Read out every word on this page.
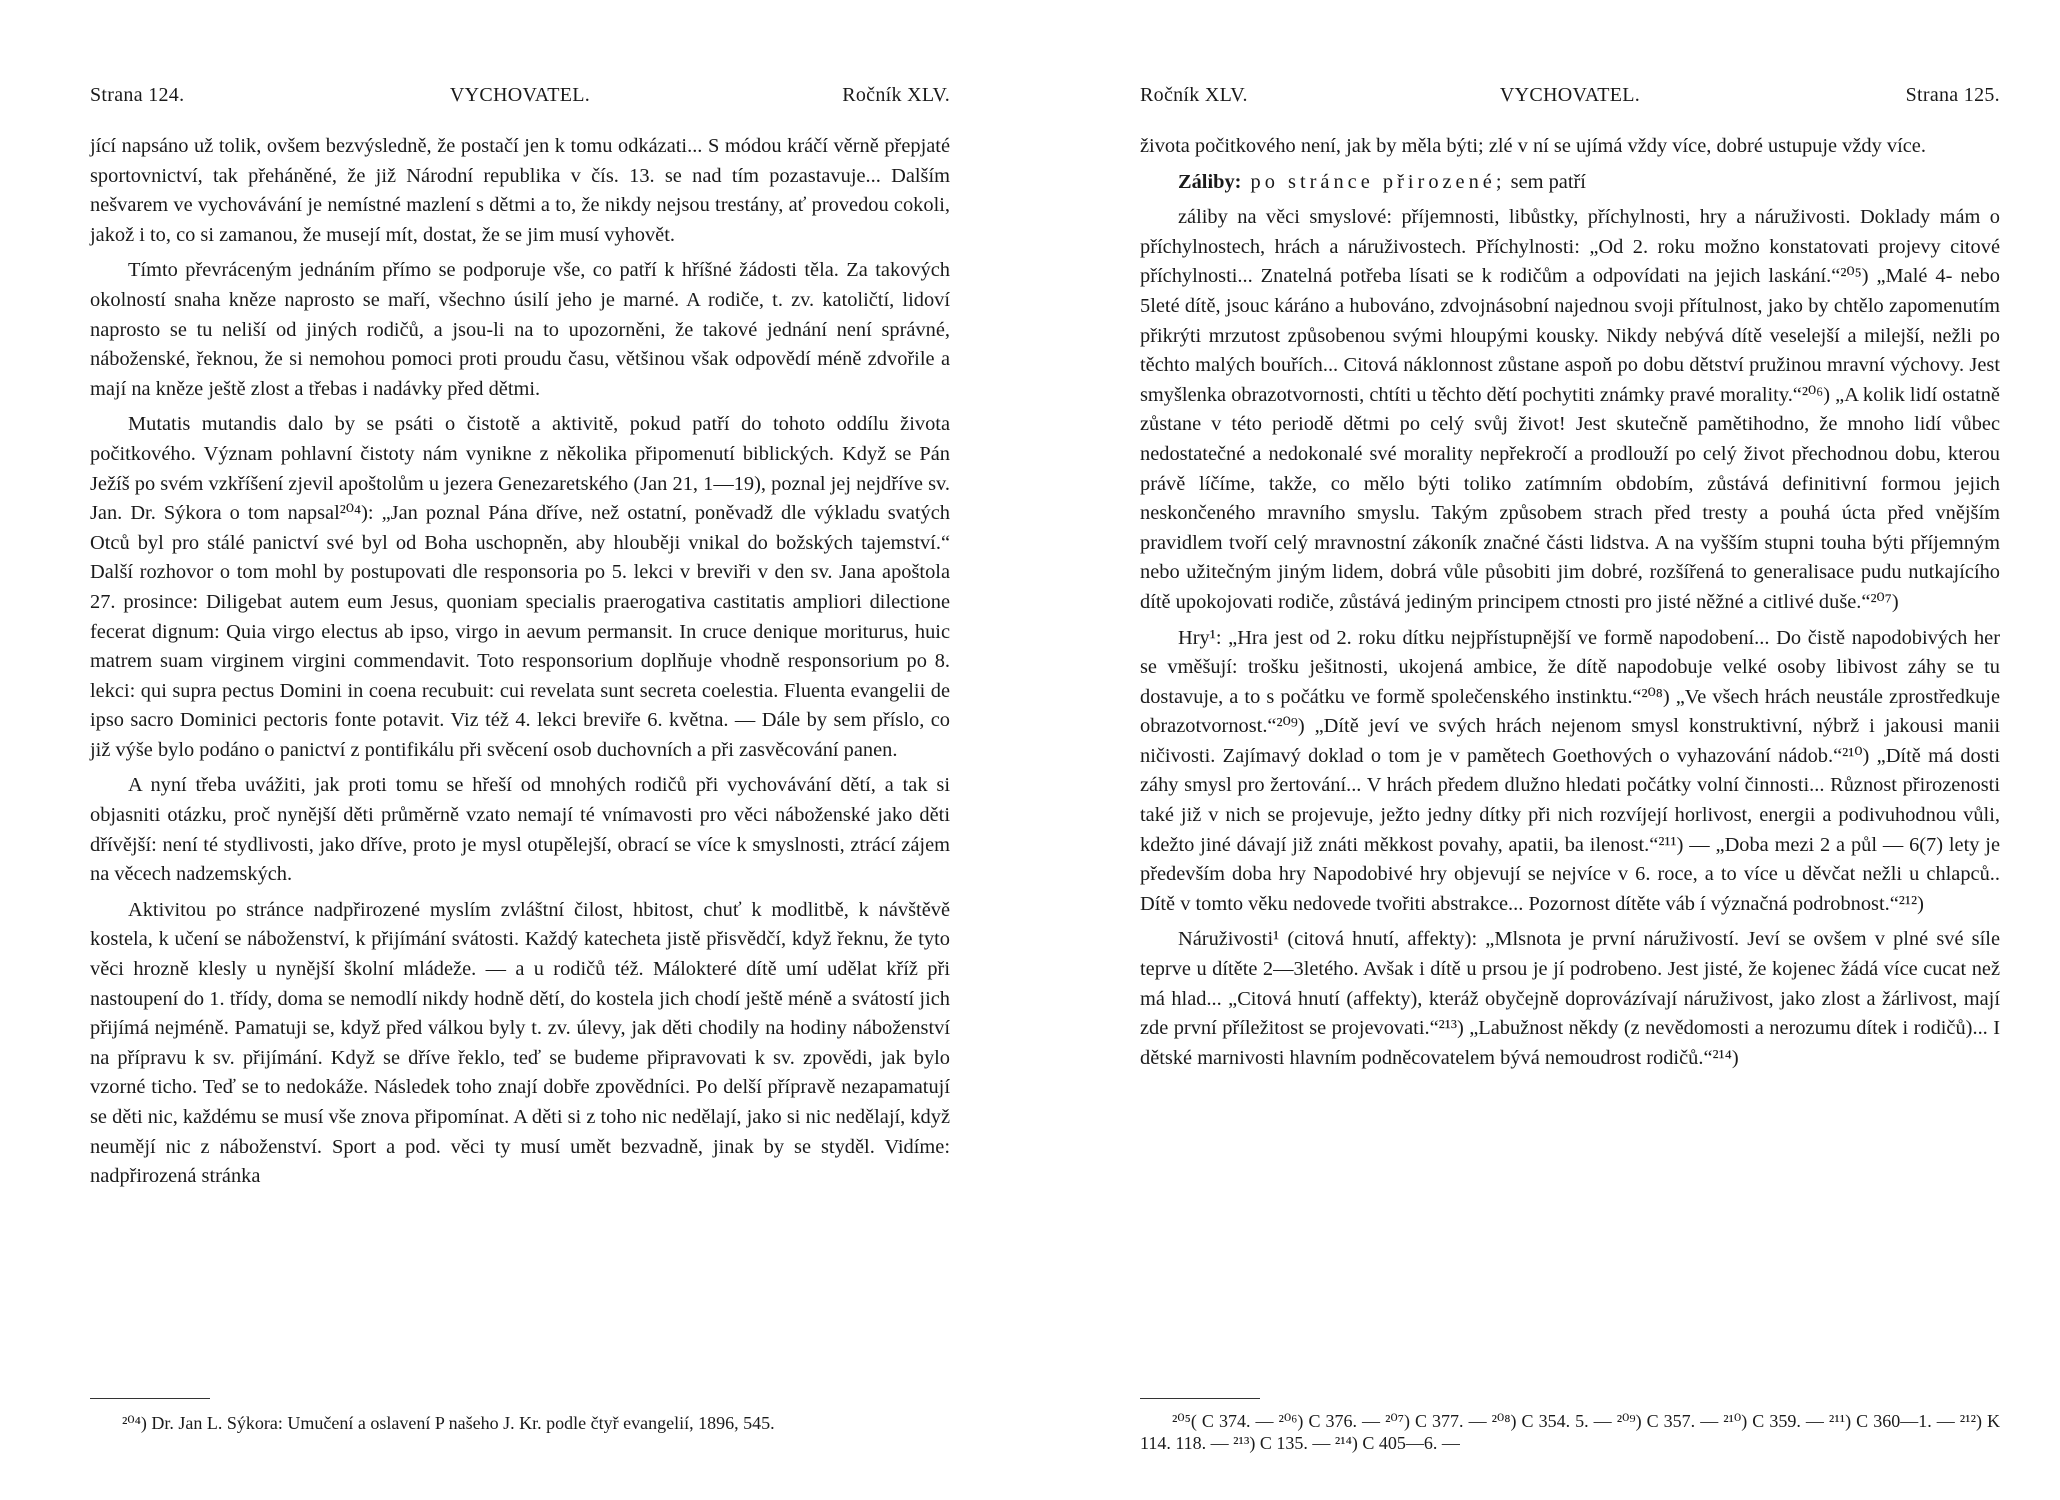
Strana 124.	VYCHOVATEL.	Ročník XLV.

jící napsáno už tolik, ovšem bezvýsledně, že postačí jen k tomu odkázati... S módou kráčí věrně přepjaté sportovnictví, tak přeháněné, že již Národní republika v čís. 13. se nad tím pozastavuje... Dalším nešvarem ve vychovávání je nemístné mazlení s dětmi a to, že nikdy nejsou trestány, ať provedou cokoli, jakož i to, co si zamanou, že musejí mít, dostat, že se jim musí vyhovět.

Tímto převráceným jednáním přímo se podporuje vše, co patří k hříšné žádosti těla. Za takových okolností snaha kněze naprosto se maří, všechno úsilí jeho je marné. A rodiče, t. zv. katoličtí, lidoví naprosto se tu neliší od jiných rodičů, a jsou-li na to upozorněni, že takové jednání není správné, náboženské, řeknou, že si nemohou pomoci proti proudu času, většinou však odpovědí méně zdvořile a mají na kněze ještě zlost a třebas i nadávky před dětmi.

Mutatis mutandis dalo by se psáti o čistotě a aktivitě, pokud patří do tohoto oddílu života počitkového. Význam pohlavní čistoty nám vynikne z několika připomenutí biblických. Když se Pán Ježíš po svém vzkříšení zjevil apoštolům u jezera Genezaretského (Jan 21, 1—19), poznal jej nejdříve sv. Jan. Dr. Sýkora o tom napsal²⁰⁴): „Jan poznal Pána dříve, než ostatní, poněvadž dle výkladu svatých Otců byl pro stálé panictví své byl od Boha uschopněn, aby hlouběji vnikal do božských tajemství.“ Další rozhovor o tom mohl by postupovati dle responsoria po 5. lekci v breviři v den sv. Jana apoštola 27. prosince: Diligebat autem eum Jesus, quoniam specialis praerogativa castitatis ampliori dilectione fecerat dignum: Quia virgo electus ab ipso, virgo in aevum permansit. In cruce denique moriturus, huic matrem suam virginem virgini commendavit. Toto responsorium doplňuje vhodně responsorium po 8. lekci: qui supra pectus Domini in coena recubuit: cui revelata sunt secreta coelestia. Fluenta evangelii de ipso sacro Dominici pectoris fonte potavit. Viz též 4. lekci breviře 6. května. — Dále by sem příslo, co již výše bylo podáno o panictví z pontifikálu při svěcení osob duchovních a při zasvěcování panen.

A nyní třeba uvážiti, jak proti tomu se hřeší od mnohých rodičů při vychovávání dětí, a tak si objasniti otázku, proč nynější děti průměrně vzato nemají té vnímavosti pro věci náboženské jako děti dřívější: není té stydlivosti, jako dříve, proto je mysl otupělejší, obrací se více k smyslnosti, ztrácí zájem na věcech nadzemských.

Aktivitou po stránce nadpřirozené myslím zvláštní čilost, hbitost, chuť k modlitbě, k návštěvě kostela, k učení se náboženství, k přijímání svátosti. Každý katecheta jistě přisvědčí, když řeknu, že tyto věci hrozně klesly u nynější školní mládeže. — a u rodičů též. Málokteré dítě umí udělat kříž při nastoupení do 1. třídy, doma se nemodlí nikdy hodně dětí, do kostela jich chodí ještě méně a svátostí jich přijímá nejméně. Pamatuji se, když před válkou byly t. zv. úlevy, jak děti chodily na hodiny náboženství na přípravu k sv. přijímání. Když se dříve řeklo, teď se budeme připravovati k sv. zpovědi, jak bylo vzorné ticho. Teď se to nedokáže. Následek toho znají dobře zpovědníci. Po delší přípravě nezapamatují se děti nic, každému se musí vše znova připomínat. A děti si z toho nic nedělají, jako si nic nedělají, když neumějí nic z náboženství. Sport a pod. věci ty musí umět bezvadně, jinak by se styděl. Vidíme: nadpřirozená stránka

²⁰⁴) Dr. Jan L. Sýkora: Umučení a oslavení P našeho J. Kr. podle čtyř evangelií, 1896, 545.

Ročník XLV.	VYCHOVATEL.	Strana 125.

života počitkového není, jak by měla býti; zlé v ní se ujímá vždy více, dobré ustupuje vždy více.

Záliby: po stránce přirozené; sem patří

záliby na věci smyslové: příjemnosti, libůstky, příchylnosti, hry a náruživosti. Doklady mám o příchylnostech, hrách a náruživostech. Příchylnosti: „Od 2. roku možno konstatovati projevy citové příchylnosti... Znatelná potřeba lísati se k rodičům a odpovídati na jejich laskání.“²⁰⁵) „Malé 4- nebo 5leté dítě, jsouc káráno a hubováno, zdvojnásobní najednou svoji přítulnost, jako by chtělo zapomenutím přikrýti mrzutost způsobenou svými hloupými kousky. Nikdy nebývá dítě veselejší a milejší, nežli po těchto malých bouřích... Citová náklonnost zůstane aspoň po dobu dětství pružinou mravní výchovy. Jest smyšlenka obrazotvornosti, chtíti u těchto dětí pochytiti známky pravé morality.“²⁰⁶) „A kolik lidí ostatně zůstane v této periodě dětmi po celý svůj život! Jest skutečně pamětihodno, že mnoho lidí vůbec nedostatečné a nedokonalé své morality nepřekročí a prodlouží po celý život přechodnou dobu, kterou právě líčíme, takže, co mělo býti toliko zatímním obdobím, zůstává definitivní formou jejich neskončeného mravního smyslu. Takým způsobem strach před tresty a pouhá úcta před vnějším pravidlem tvoří celý mravnostní zákoník značné části lidstva. A na vyšším stupni touha býti příjemným nebo užitečným jiným lidem, dobrá vůle působiti jim dobré, rozšířená to generalisace pudu nutkajícího dítě upokojovati rodiče, zůstává jediným principem ctnosti pro jisté něžné a citlivé duše.“²⁰⁷)

Hry¹: „Hra jest od 2. roku dítku nejpřístupnější ve formě napodobení... Do čistě napodobivých her se vměšují: trošku ješitnosti, ukojená ambice, že dítě napodobuje velké osoby libivost záhy se tu dostavuje, a to s počátku ve formě společenského instinktu.“²⁰⁸) „Ve všech hrách neustále zprostředkuje obrazotvornost.“²⁰⁹) „Dítě jeví ve svých hrách nejenom smysl konstruktivní, nýbrž i jakousi manii ničivosti. Zajímavý doklad o tom je v pamětech Goethových o vyhazování nádob.“²¹⁰) „Dítě má dosti záhy smysl pro žertování... V hrách předem dlužno hledati počátky volní činnosti... Různost přirozenosti také již v nich se projevuje, ježto jedny dítky při nich rozvíjejí horlivost, energii a podivuhodnou vůli, kdežto jiné dávají již znáti měkkost povahy, apatii, ba ilenost.“²¹¹) — „Doba mezi 2 a půl — 6(7) lety je především doba hry Napodobivé hry objevují se nejvíce v 6. roce, a to více u děvčat nežli u chlapců.. Dítě v tomto věku nedovede tvořiti abstrakce... Pozornost dítěte váb í význačná podrobnost.“²¹²)

Náruživosti¹ (citová hnutí, affekty): „Mlsnota je první náruživostí. Jeví se ovšem v plné své síle teprve u dítěte 2—3letého. Avšak i dítě u prsou je jí podrobeno. Jest jisté, že kojenec žádá více cucat než má hlad... „Citová hnutí (affekty), kteráž obyčejně doprovázívají náruživost, jako zlost a žárlivost, mají zde první příležitost se projevovati.“²¹³) „Labužnost někdy (z nevědomosti a nerozumu dítek i rodičů)... I dětské marnivosti hlavním podněcovatelem bývá nemoudrost rodičů.“²¹⁴)

²⁰⁵( C 374. — ²⁰⁶) C 376. — ²⁰⁷) C 377. — ²⁰⁸) C 354. 5. — ²⁰⁹) C 357. — ²¹⁰) C 359. — ²¹¹) C 360—1. — ²¹²) K 114. 118. — ²¹³) C 135. — ²¹⁴) C 405—6. —
